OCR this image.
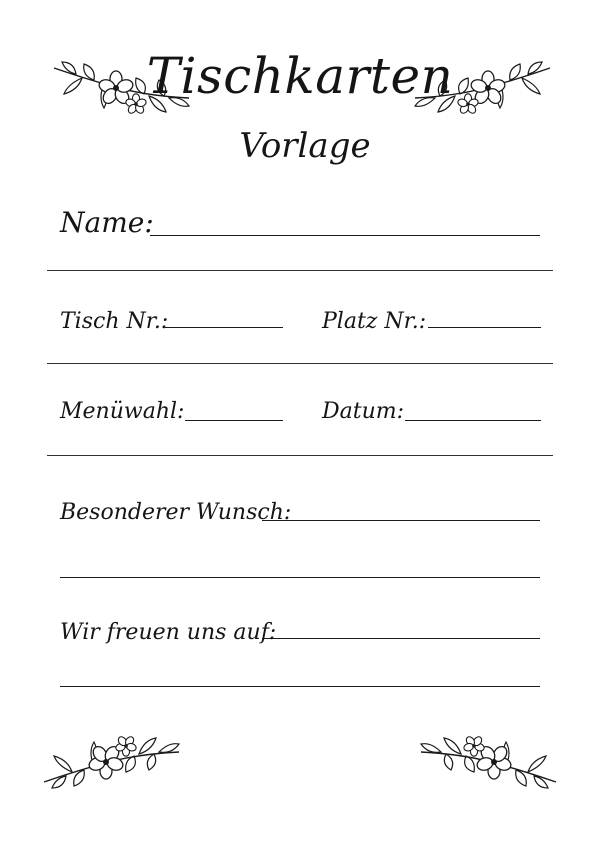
Tischkarten
Vorlage
Name:
Tisch Nr.:	Platz Nr.:
Menüwahl:	Datum:
Besonderer Wunsch:
Wir freuen uns auf:
